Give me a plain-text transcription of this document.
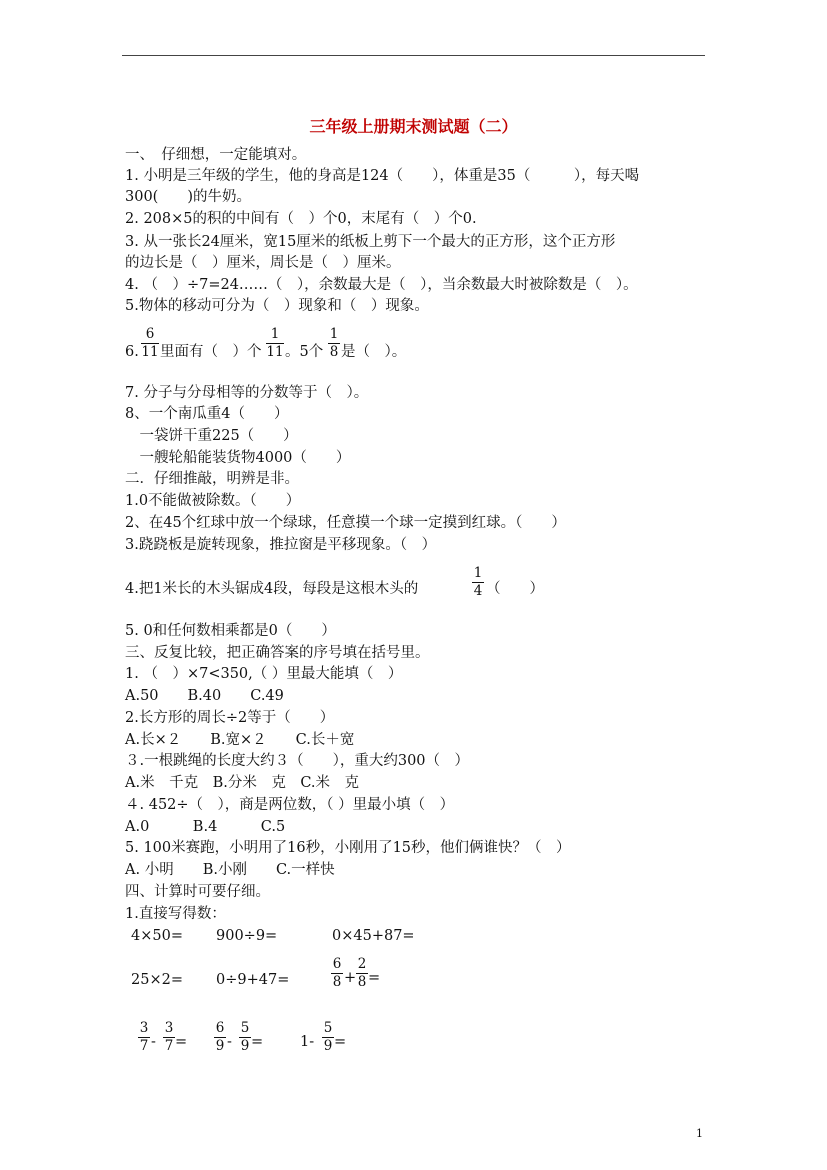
三年级上册期末测试题（二）
一、　仔细想，一定能填对。
1. 小明是三年级的学生，他的身高是124（　　），体重是35（　　　），每天喝
300(　　)的牛奶。
2. 208×5的积的中间有（　）个0，末尾有（　）个0.
3. 从一张长24厘米，宽15厘米的纸板上剪下一个最大的正方形，这个正方形
的边长是（　）厘米，周长是（　）厘米。
4. （　）÷7=24……（　），余数最大是（　），当余数最大时被除数是（　）。
5.物体的移动可分为（　）现象和（　）现象。
6.
6
11 里面有（　）个
1
11 。5个
1
8 是（　）。
7. 分子与分母相等的分数等于（　）。
8、一个南瓜重4（　　）
　一袋饼干重225（　　）
　一艘轮船能装货物4000（　　）
二．仔细推敲，明辨是非。
1.0不能做被除数。（　　）
2、在45个红球中放一个绿球，任意摸一个球一定摸到红球。（　　）
3.跷跷板是旋转现象，推拉窗是平移现象。（　）
4.把1米长的木头锯成4段，每段是这根木头的
1
4 （　　）
5. 0和任何数相乘都是0（　　）
三、反复比较，把正确答案的序号填在括号里。
1. （　）×7<350,（ ）里最大能填（　）
A.50　　B.40　　C.49
2.长方形的周长÷2等于（　　）
A.长×２　　B.宽×２　　C.长＋宽
３.一根跳绳的长度大约３（　　），重大约300（　）
A.米　千克　B.分米　克　C.米　克
４. 452÷（　），商是两位数，（ ）里最小填（　）
A.0　　　B.4　　　C.5
5. 100米赛跑，小明用了16秒，小刚用了15秒，他们俩谁快？（　）
A. 小明　　B.小刚　　C.一样快
四、计算时可要仔细。
1.直接写得数：
4×50= 900÷9=	0×45+87=
25×2= 0÷9+47=
6
8 +
2
8 =
3
7 -
3
7 =
6
9 -
5
9 =	1-
5
9 =
1
